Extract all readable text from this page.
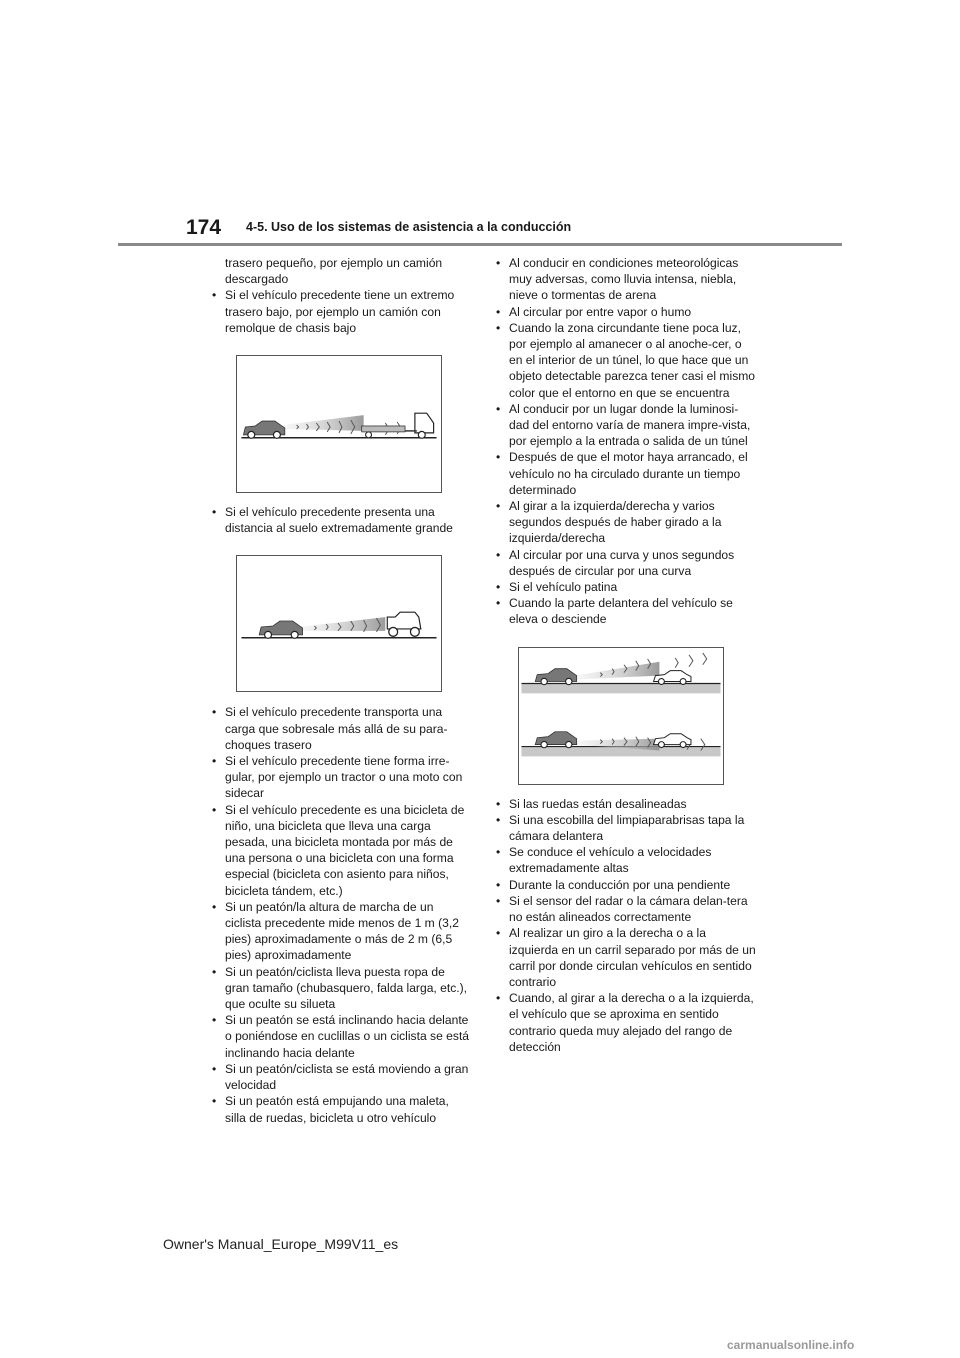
174 4-5. Uso de los sistemas de asistencia a la conducción

trasero pequeño, por ejemplo un camión

descargado

• Si el vehículo precedente tiene un extremo trasero bajo, por ejemplo un camión con remolque de chasis bajo

• Si el vehículo precedente presenta una distancia al suelo extremadamente grande

• Si el vehículo precedente transporta una carga que sobresale más allá de su para-choques trasero

• Si el vehículo precedente tiene forma irre-gular, por ejemplo un tractor o una moto con sidecar

• Si el vehículo precedente es una bicicleta de niño, una bicicleta que lleva una carga pesada, una bicicleta montada por más de una persona o una bicicleta con una forma especial (bicicleta con asiento para niños, bicicleta tándem, etc.)

• Si un peatón/la altura de marcha de un ciclista precedente mide menos de 1 m (3,2 pies) aproximadamente o más de 2 m (6,5 pies) aproximadamente

• Si un peatón/ciclista lleva puesta ropa de gran tamaño (chubasquero, falda larga, etc.), que oculte su silueta

• Si un peatón se está inclinando hacia delante o poniéndose en cuclillas o un ciclista se está inclinando hacia delante

• Si un peatón/ciclista se está moviendo a gran velocidad

• Si un peatón está empujando una maleta, silla de ruedas, bicicleta u otro vehículo

• Al conducir en condiciones meteorológicas muy adversas, como lluvia intensa, niebla, nieve o tormentas de arena

• Al circular por entre vapor o humo

• Cuando la zona circundante tiene poca luz, por ejemplo al amanecer o al anoche-cer, o en el interior de un túnel, lo que hace que un objeto detectable parezca tener casi el mismo color que el entorno en que se encuentra

• Al conducir por un lugar donde la luminosi-dad del entorno varía de manera impre-vista, por ejemplo a la entrada o salida de un túnel

• Después de que el motor haya arrancado, el vehículo no ha circulado durante un tiempo determinado

• Al girar a la izquierda/derecha y varios segundos después de haber girado a la izquierda/derecha

• Al circular por una curva y unos segundos después de circular por una curva

• Si el vehículo patina

• Cuando la parte delantera del vehículo se eleva o desciende

• Si las ruedas están desalineadas

• Si una escobilla del limpiaparabrisas tapa la cámara delantera

• Se conduce el vehículo a velocidades extremadamente altas

• Durante la conducción por una pendiente

• Si el sensor del radar o la cámara delan-tera no están alineados correctamente

• Al realizar un giro a la derecha o a la izquierda en un carril separado por más de un carril por donde circulan vehículos en sentido contrario

• Cuando, al girar a la derecha o a la izquierda, el vehículo que se aproxima en sentido contrario queda muy alejado del rango de detección

Owner's Manual_Europe_M99V11_es
carmanualsonline.info
